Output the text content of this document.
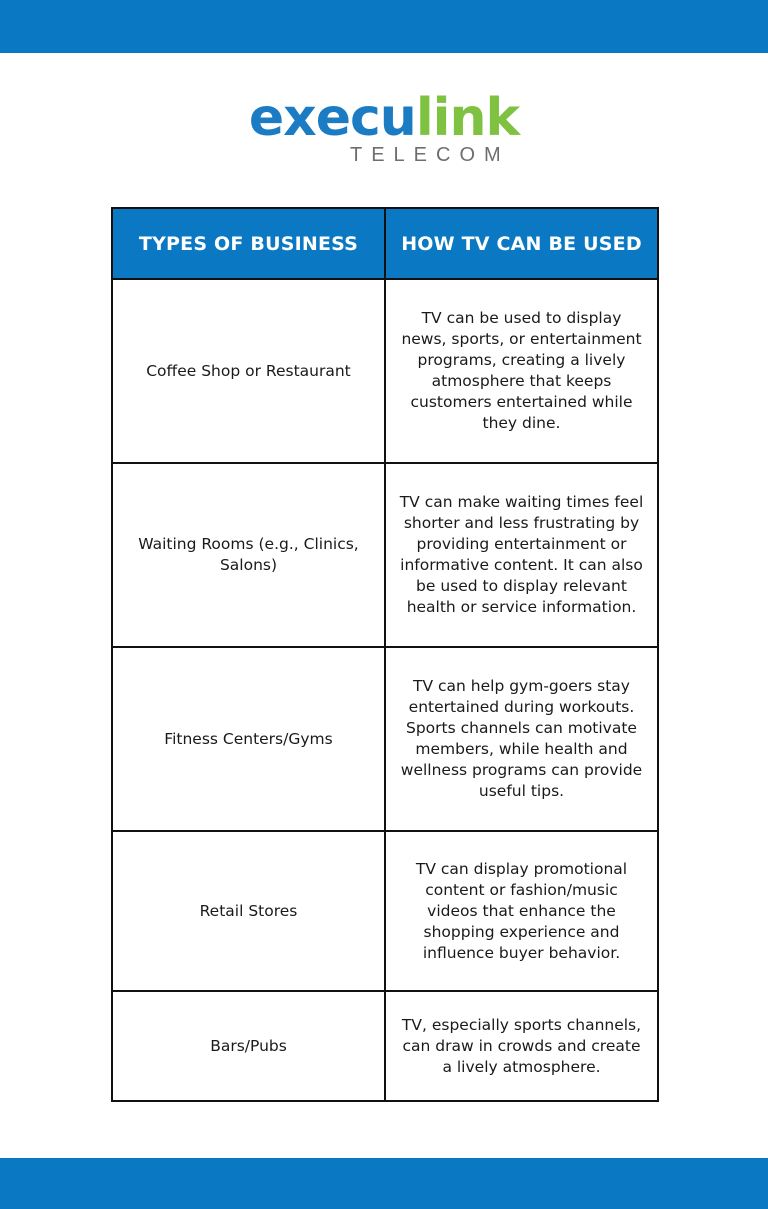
execulink
TELECOM
TYPES OF BUSINESS	HOW TV CAN BE USED
Coffee Shop or Restaurant	TV can be used to display news, sports, or entertainment programs, creating a lively atmosphere that keeps customers entertained while they dine.
Waiting Rooms (e.g., Clinics, Salons)	TV can make waiting times feel shorter and less frustrating by providing entertainment or informative content. It can also be used to display relevant health or service information.
Fitness Centers/Gyms	TV can help gym-goers stay entertained during workouts. Sports channels can motivate members, while health and wellness programs can provide useful tips.
Retail Stores	TV can display promotional content or fashion/music videos that enhance the shopping experience and influence buyer behavior.
Bars/Pubs	TV, especially sports channels, can draw in crowds and create a lively atmosphere.
